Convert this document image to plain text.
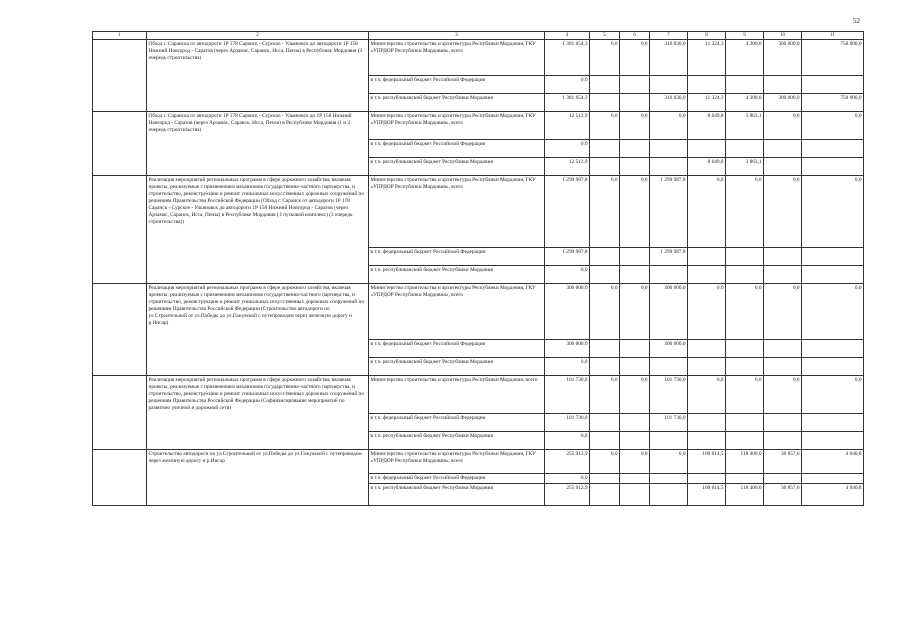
52
1	2	3	4	5	6	7	8	9	10	11
	Обход г. Саранска от автодороги 1Р 178 Саранск - Сурское - Ульяновск до автодороги 1Р 158 Нижний Новгород - Саратов (через Арзамас, Саранск, Исса, Пенза) в Республике Мордовия (3 очередь строительства)	Министерство строительства и архитектуры Республики Мордовия, ГКУ «УПРДОР Республики Мордовия», всего	1 381 654,3	0,0	0,0	316 030,0	11 324,3	4 300,0	300 000,0	750 000,0
		в т.ч. федеральный бюджет Российской Федерации	0,0							
		в т.ч. республиканский бюджет Республики Мордовия	1 381 654,3			316 030,0	11 324,3	4 300,0	300 000,0	750 000,0
	Обход г. Саранска от автодороги 1Р 178 Саранск - Сурское - Ульяновск до 1Р 158 Нижний Новгород - Саратов (через Арзамас, Саранск, Исса, Пенза) в Республике Мордовия (1 и 2 очередь строительства)	Министерство строительства и архитектуры Республики Мордовия, ГКУ «УПРДОР Республики Мордовия», всего	12 512,9	0,0	0,0	0,0	8 649,8	3 863,1	0,0	0,0
		в т.ч. федеральный бюджет Российской Федерации	0,0							
		в т.ч. республиканский бюджет Республики Мордовия	12 512,9				8 649,8	3 863,1		
	Реализация мероприятий региональных программ в сфере дорожного хозяйства, включая проекты, реализуемые с применением механизмов государственно-частного партнерства, и строительство, реконструкцию и ремонт уникальных искусственных дорожных сооружений по решениям Правительства Российской Федерации (Обход г. Саранск от автодороги 1Р 178 Саранск - Сурское - Ульяновск до автодороги 1Р 158 Нижний Новгород - Саратов (через Арзамас, Саранск, Исса, Пенза) в Республике Мордовия ( I пусковой комплекс) (3 очередь строительства))	Министерство строительства и архитектуры Республики Мордовия, ГКУ «УПРДОР Республики Мордовия», всего	1 299 987,8	0,0	0,0	1 299 987,8	0,0	0,0	0,0	0,0
		в т.ч. федеральный бюджет Российской Федерации	1 299 987,8			1 299 987,8				
		в т.ч. республиканский бюджет Республики Мордовия	0,0							
	Реализация мероприятий региональных программ в сфере дорожного хозяйства, включая проекты, реализуемые с применением механизмов государственно-частного партнерства, и строительство, реконструкцию и ремонт уникальных искусственных дорожных сооружений по решениям Правительства Российской Федерации (Строительство автодороги по ул.Строительной от ул.Победы до ул.Гожувской с путепроводом через железную дорогу и р.Инсар)	Министерство строительства и архитектуры Республики Мордовия, ГКУ «УПРДОР Республики Мордовия», всего	300 000,0	0,0	0,0	300 000,0	0,0	0,0	0,0	0,0
		в т.ч. федеральный бюджет Российской Федерации	300 000,0			300 000,0				
		в т.ч. республиканский бюджет Республики Мордовия	0,0							
	Реализация мероприятий региональных программ в сфере дорожного хозяйства, включая проекты, реализуемые с применением механизмов государственно-частного партнерства, и строительство, реконструкцию и ремонт уникальных искусственных дорожных сооружений по решениям Правительства Российской Федерации (Софинансирование мероприятий по развитию уличной и дорожной сети)	Министерство строительства и архитектуры Республики Мордовия, всего	101 730,0	0,0	0,0	101 730,0	0,0	0,0	0,0	0,0
		в т.ч. федеральный бюджет Российской Федерации	101 730,0			101 730,0				
		в т.ч. республиканский бюджет Республики Мордовия	0,0							
	Строительство автодороги по ул.Строительной от ул.Победы до ул.Гожувской с путепроводом через железную дорогу и р.Инсар	Министерство строительства и архитектуры Республики Мордовия, ГКУ «УПРДОР Республики Мордовия», всего	255 912,9	0,0	0,0	0,0	100 614,5	118 400,0	30 857,6	4 040,8
		в т.ч. федеральный бюджет Российской Федерации	0,0							
		в т.ч. республиканский бюджет Республики Мордовия	255 912,9				100 614,5	118 400,0	30 857,6	4 040,8
